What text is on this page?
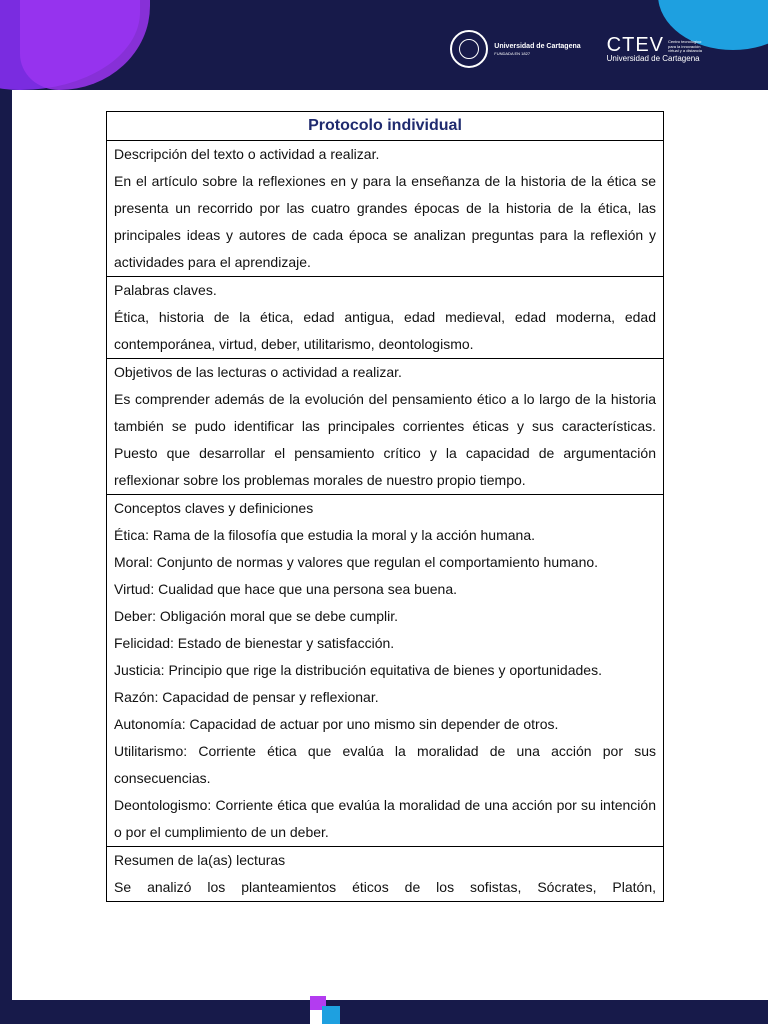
Universidad de Cartagena
FUNDADA EN 1827	CTEV Centro tecnológico para la innovación virtual y a distancia
Universidad de Cartagena
Protocolo individual
Descripción del texto o actividad a realizar.

En el artículo sobre la reflexiones en y para la enseñanza de la historia de la ética se presenta un recorrido por las cuatro grandes épocas de la historia de la ética, las principales ideas y autores de cada época se analizan preguntas para la reflexión y actividades para el aprendizaje.

Palabras claves.

Ética, historia de la ética, edad antigua, edad medieval, edad moderna, edad contemporánea, virtud, deber, utilitarismo, deontologismo.

Objetivos de las lecturas o actividad a realizar.

Es comprender además de la evolución del pensamiento ético a lo largo de la historia también se pudo identificar las principales corrientes éticas y sus características. Puesto que desarrollar el pensamiento crítico y la capacidad de argumentación reflexionar sobre los problemas morales de nuestro propio tiempo.

Conceptos claves y definiciones

Ética: Rama de la filosofía que estudia la moral y la acción humana.

Moral: Conjunto de normas y valores que regulan el comportamiento humano.

Virtud: Cualidad que hace que una persona sea buena.

Deber: Obligación moral que se debe cumplir.

Felicidad: Estado de bienestar y satisfacción.

Justicia: Principio que rige la distribución equitativa de bienes y oportunidades.

Razón: Capacidad de pensar y reflexionar.

Autonomía: Capacidad de actuar por uno mismo sin depender de otros.

Utilitarismo: Corriente ética que evalúa la moralidad de una acción por sus consecuencias.

Deontologismo: Corriente ética que evalúa la moralidad de una acción por su intención o por el cumplimiento de un deber.

Resumen de la(as) lecturas

Se analizó los planteamientos éticos de los sofistas, Sócrates, Platón,
